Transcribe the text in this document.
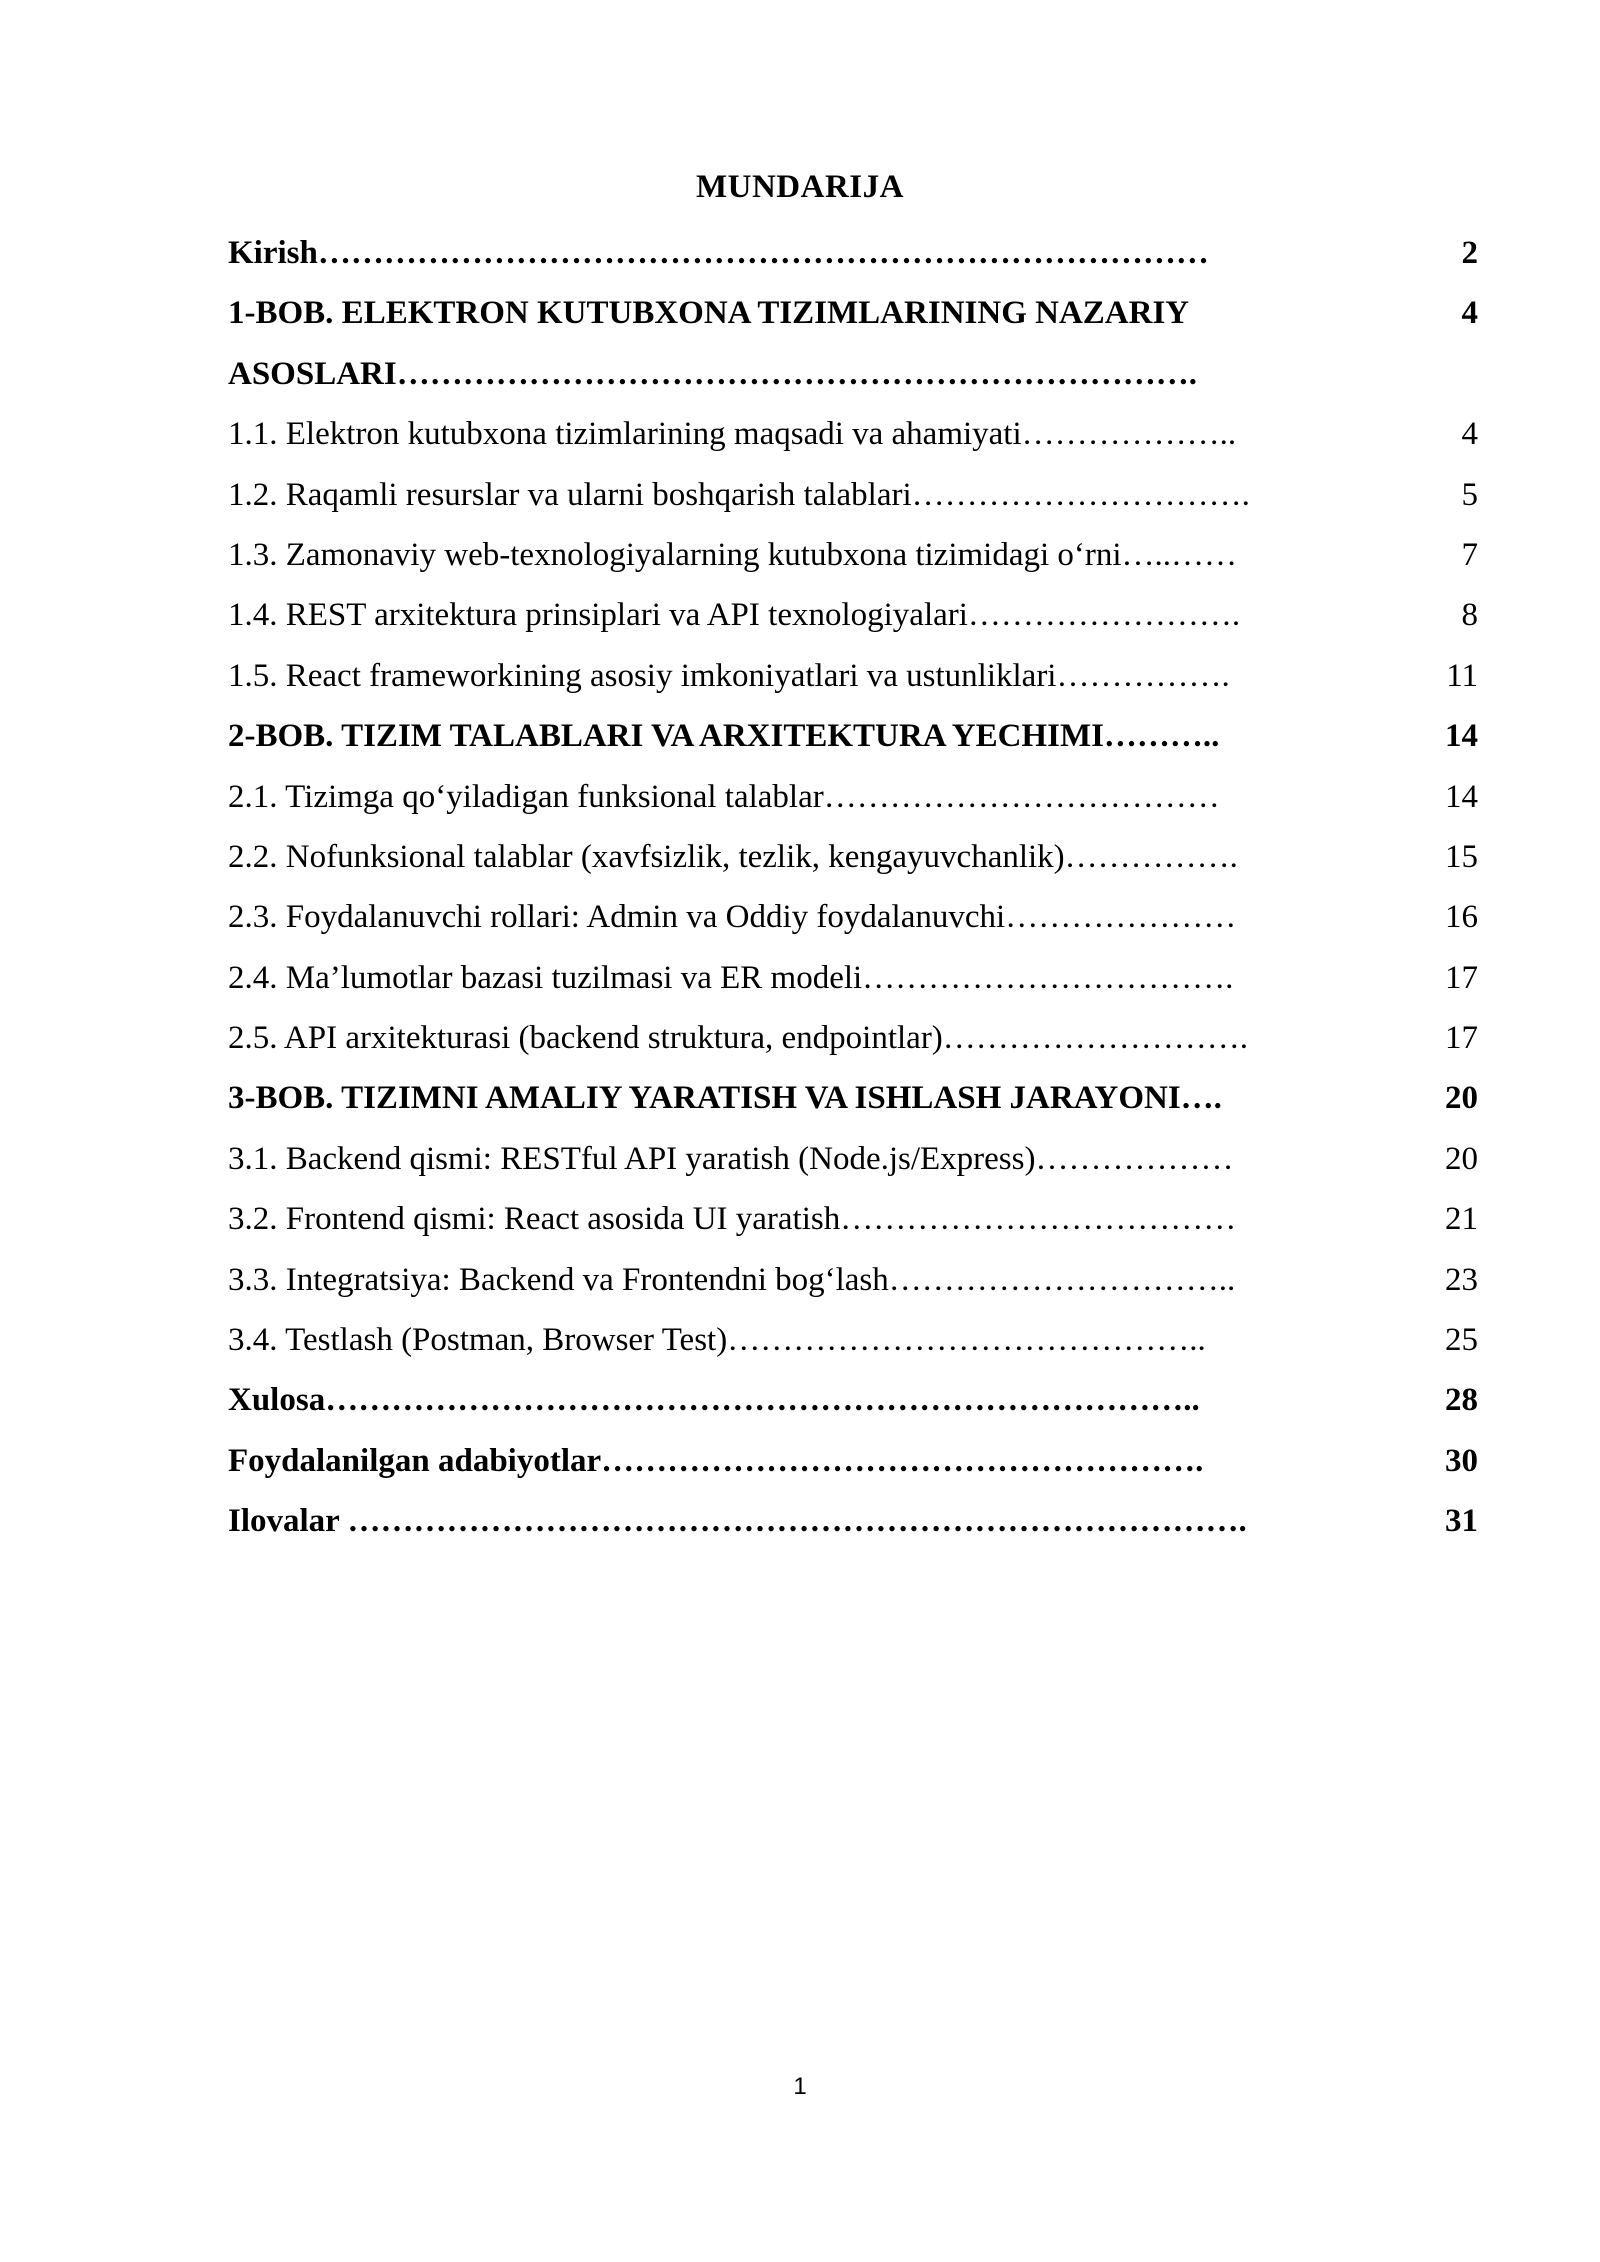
MUNDARIJA
Kirish………………………………………………………………………	2
1-BOB. ELEKTRON KUTUBXONA TIZIMLARINING NAZARIY	4
ASOSLARI……………………………………………………………….
1.1. Elektron kutubxona tizimlarining maqsadi va ahamiyati………………..	4
1.2. Raqamli resurslar va ularni boshqarish talablari………………………….	5
1.3. Zamonaviy web-texnologiyalarning kutubxona tizimidagi o‘rni…..……	7
1.4. REST arxitektura prinsiplari va API texnologiyalari…………………….	8
1.5. React frameworkining asosiy imkoniyatlari va ustunliklari…………….	11
2-BOB. TIZIM TALABLARI VA ARXITEKTURA YECHIMI………..	14
2.1. Tizimga qo‘yiladigan funksional talablar………………………………	14
2.2. Nofunksional talablar (xavfsizlik, tezlik, kengayuvchanlik)…………….	15
2.3. Foydalanuvchi rollari: Admin va Oddiy foydalanuvchi…………………	16
2.4. Ma’lumotlar bazasi tuzilmasi va ER modeli…………………………….	17
2.5. API arxitekturasi (backend struktura, endpointlar)……………………….	17
3-BOB. TIZIMNI AMALIY YARATISH VA ISHLASH JARAYONI….	20
3.1. Backend qismi: RESTful API yaratish (Node.js/Express)………………	20
3.2. Frontend qismi: React asosida UI yaratish………………………………	21
3.3. Integratsiya: Backend va Frontendni bog‘lash…………………………..	23
3.4. Testlash (Postman, Browser Test)……………………………………..	25
Xulosa……………………………………………………………………..	28
Foydalanilgan adabiyotlar……………………………………………….	30
Ilovalar ……………………………………………………………………….	31
1
